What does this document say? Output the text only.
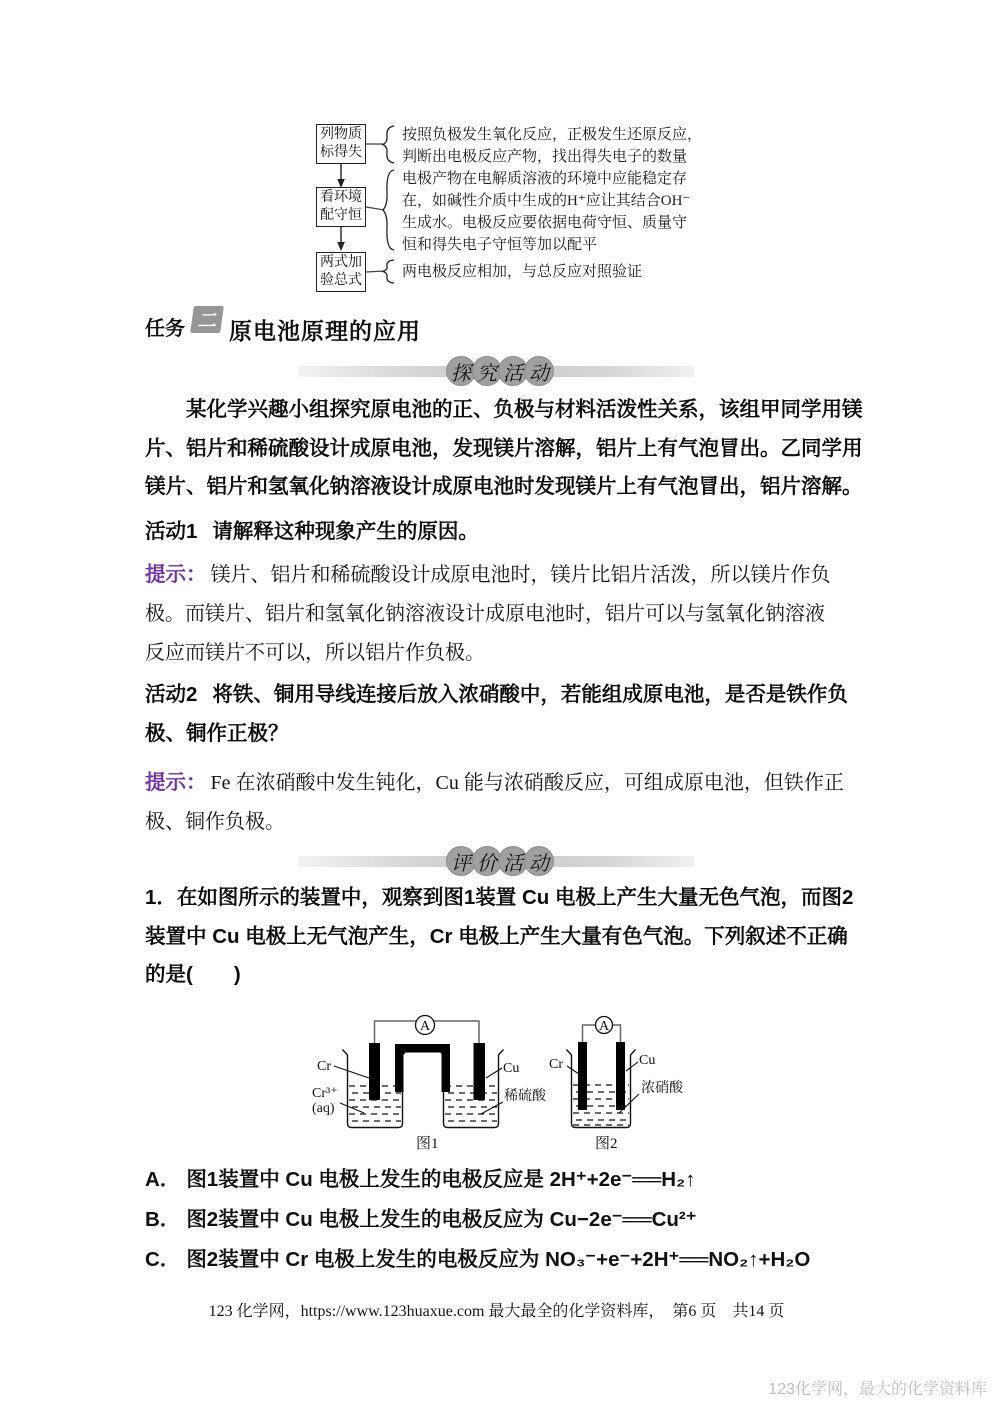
列物质
标得失
看环境
配守恒
两式加
验总式
按照负极发生氧化反应，正极发生还原反应，
判断出电极反应产物，找出得失电子的数量
电极产物在电解质溶液的环境中应能稳定存
在，如碱性介质中生成的H⁺应让其结合OH⁻
生成水。电极反应要依据电荷守恒、质量守
恒和得失电子守恒等加以配平
两电极反应相加，与总反应对照验证
任务 二 原电池原理的应用
探 究 活 动
某化学兴趣小组探究原电池的正、负极与材料活泼性关系，该组甲同学用镁
片、铝片和稀硫酸设计成原电池，发现镁片溶解，铝片上有气泡冒出。乙同学用
镁片、铝片和氢氧化钠溶液设计成原电池时发现镁片上有气泡冒出，铝片溶解。
活动1 请解释这种现象产生的原因。
提示： 镁片、铝片和稀硫酸设计成原电池时，镁片比铝片活泼，所以镁片作负
极。而镁片、铝片和氢氧化钠溶液设计成原电池时，铝片可以与氢氧化钠溶液
反应而镁片不可以，所以铝片作负极。
活动2 将铁、铜用导线连接后放入浓硝酸中，若能组成原电池，是否是铁作负
极、铜作正极？
提示： Fe 在浓硝酸中发生钝化，Cu 能与浓硝酸反应，可组成原电池，但铁作正
极、铜作负极。
评 价 活 动
1．在如图所示的装置中，观察到图1装置 Cu 电极上产生大量无色气泡，而图2
装置中 Cu 电极上无气泡产生，Cr 电极上产生大量有色气泡。下列叙述不正确
的是(　　)
A	A
Cr
Cr³⁺
(aq)
Cu
稀硫酸
图1
Cr	Cu
浓硝酸
图2
A． 图1装置中 Cu 电极上发生的电极反应是 2H⁺+2e⁻══H₂↑
B． 图2装置中 Cu 电极上发生的电极反应为 Cu−2e⁻══Cu²⁺
C． 图2装置中 Cr 电极上发生的电极反应为 NO₃⁻+e⁻+2H⁺══NO₂↑+H₂O
123 化学网，https://www.123huaxue.com 最大最全的化学资料库，　第6 页　共14 页
123化学网，最大的化学资料库
